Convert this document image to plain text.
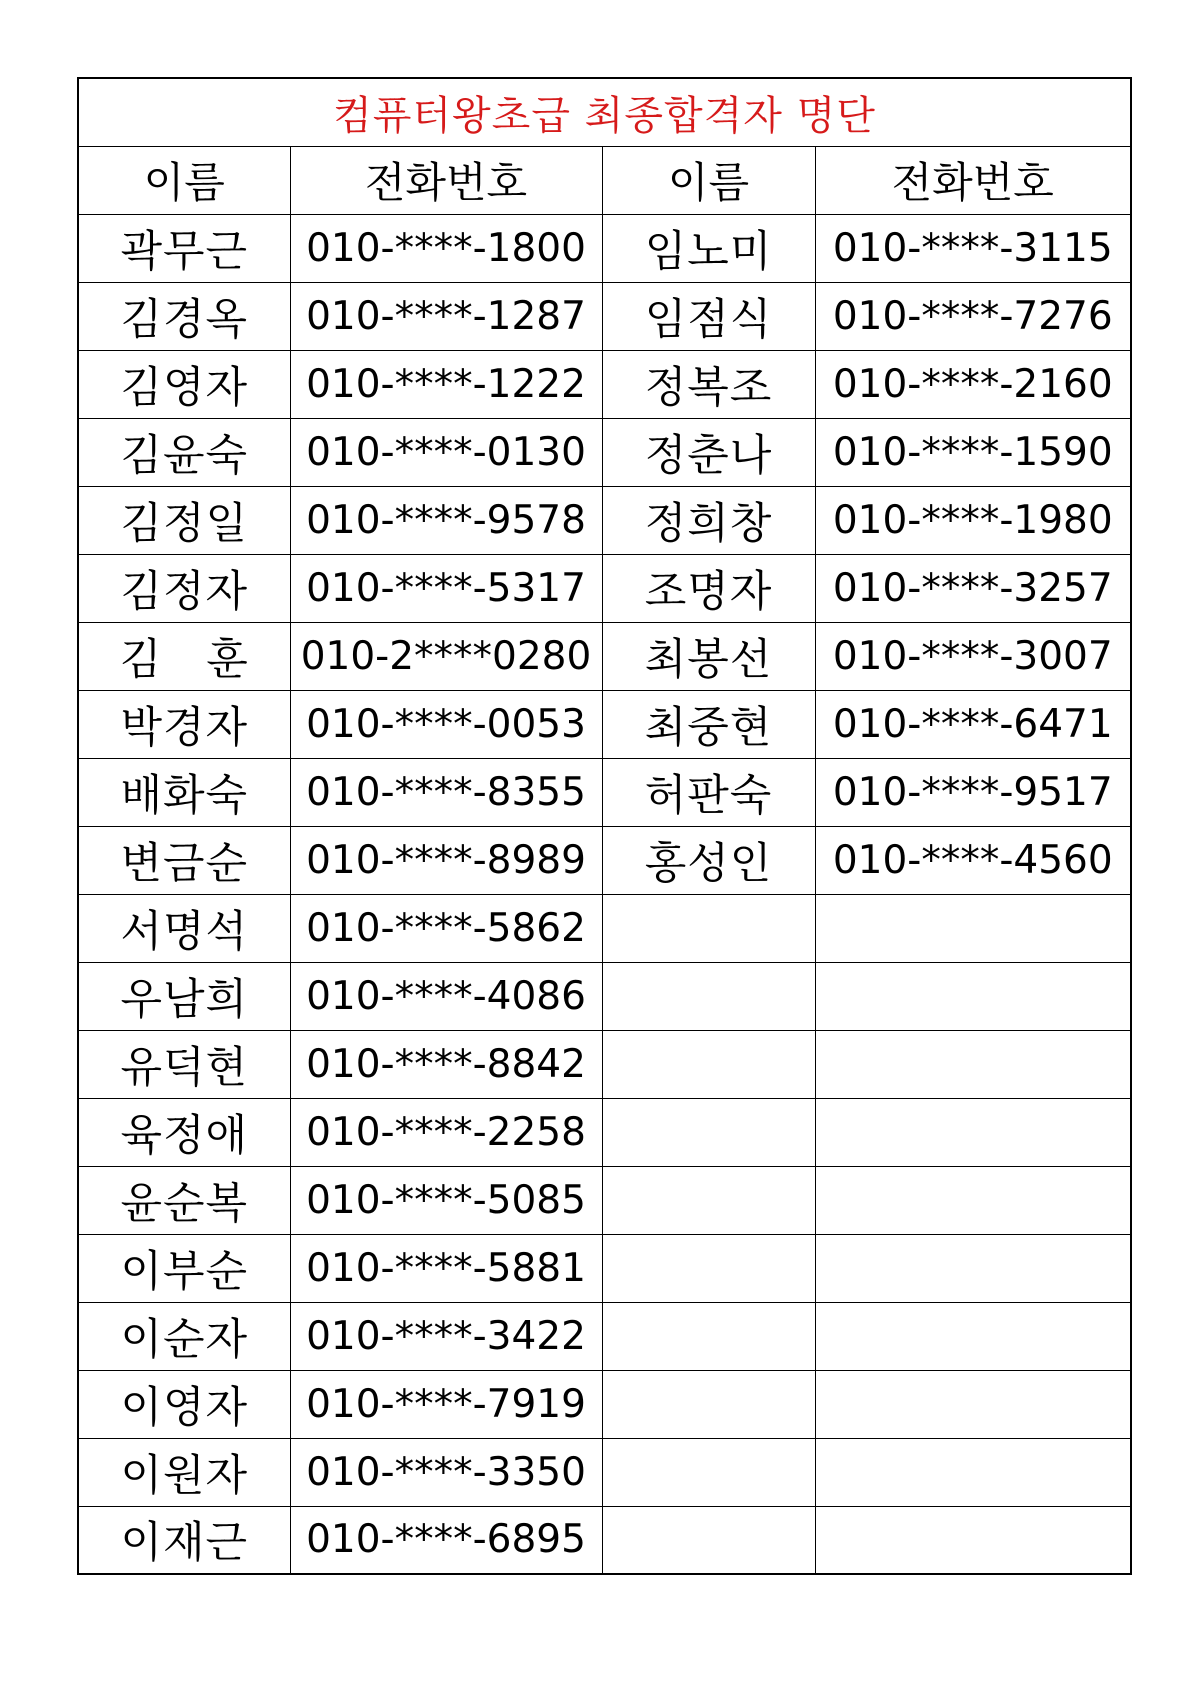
컴퓨터왕초급 최종합격자 명단			
이름	전화번호	이름	전화번호
곽무근	010-****-1800	임노미	010-****-3115
김경옥	010-****-1287	임점식	010-****-7276
김영자	010-****-1222	정복조	010-****-2160
김윤숙	010-****-0130	정춘나	010-****-1590
김정일	010-****-9578	정희창	010-****-1980
김정자	010-****-5317	조명자	010-****-3257
김　훈	010-2****0280	최봉선	010-****-3007
박경자	010-****-0053	최중현	010-****-6471
배화숙	010-****-8355	허판숙	010-****-9517
변금순	010-****-8989	홍성인	010-****-4560
서명석	010-****-5862		
우남희	010-****-4086		
유덕현	010-****-8842		
육정애	010-****-2258		
윤순복	010-****-5085		
이부순	010-****-5881		
이순자	010-****-3422		
이영자	010-****-7919		
이원자	010-****-3350		
이재근	010-****-6895		
